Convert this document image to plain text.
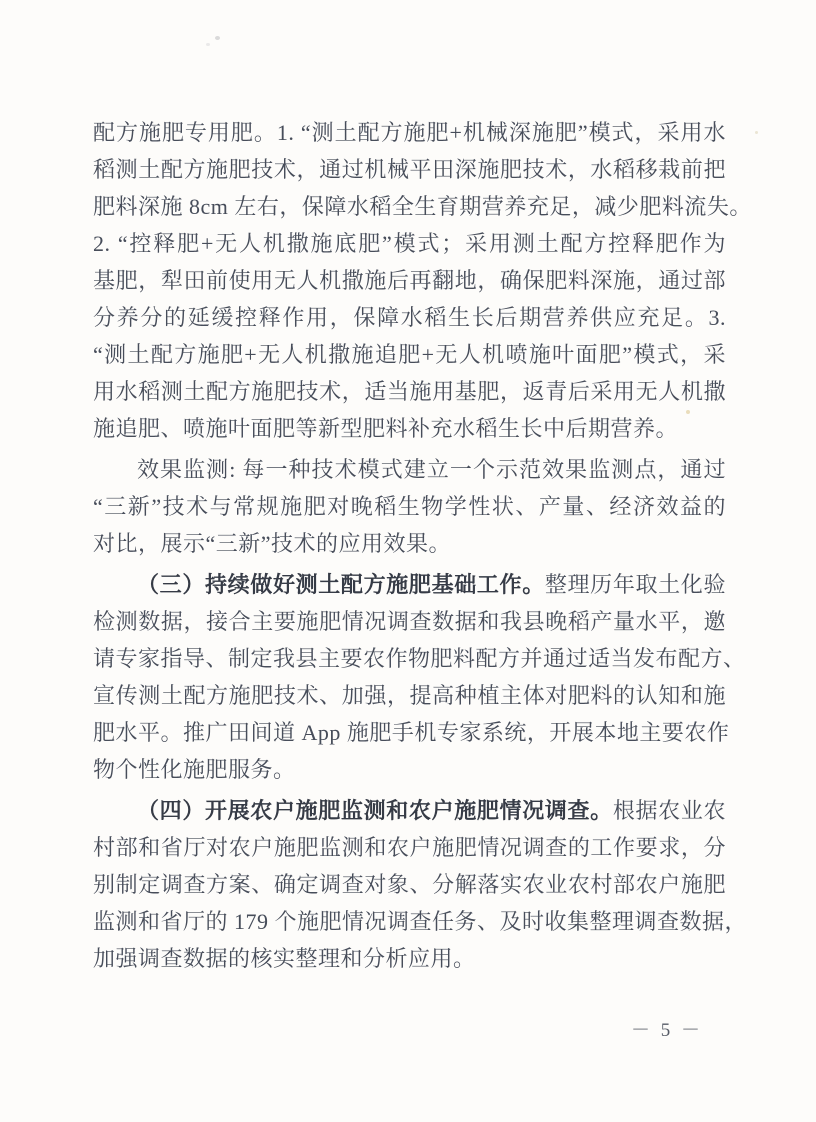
配方施肥专用肥。1. “测土配方施肥+机械深施肥”模式，采用水
稻测土配方施肥技术，通过机械平田深施肥技术，水稻移栽前把
肥料深施 8cm 左右，保障水稻全生育期营养充足，减少肥料流失。
2. “控释肥+无人机撒施底肥”模式；采用测土配方控释肥作为
基肥，犁田前使用无人机撒施后再翻地，确保肥料深施，通过部
分养分的延缓控释作用，保障水稻生长后期营养供应充足。3.
“测土配方施肥+无人机撒施追肥+无人机喷施叶面肥”模式，采
用水稻测土配方施肥技术，适当施用基肥，返青后采用无人机撒
施追肥、喷施叶面肥等新型肥料补充水稻生长中后期营养。
效果监测: 每一种技术模式建立一个示范效果监测点，通过
“三新”技术与常规施肥对晚稻生物学性状、产量、经济效益的
对比，展示“三新”技术的应用效果。
（三）持续做好测土配方施肥基础工作。整理历年取土化验
检测数据，接合主要施肥情况调查数据和我县晚稻产量水平，邀
请专家指导、制定我县主要农作物肥料配方并通过适当发布配方、
宣传测土配方施肥技术、加强，提高种植主体对肥料的认知和施
肥水平。推广田间道 App 施肥手机专家系统，开展本地主要农作
物个性化施肥服务。
（四）开展农户施肥监测和农户施肥情况调查。根据农业农
村部和省厅对农户施肥监测和农户施肥情况调查的工作要求，分
别制定调查方案、确定调查对象、分解落实农业农村部农户施肥
监测和省厅的 179 个施肥情况调查任务、及时收集整理调查数据，
加强调查数据的核实整理和分析应用。
－ 5 －
